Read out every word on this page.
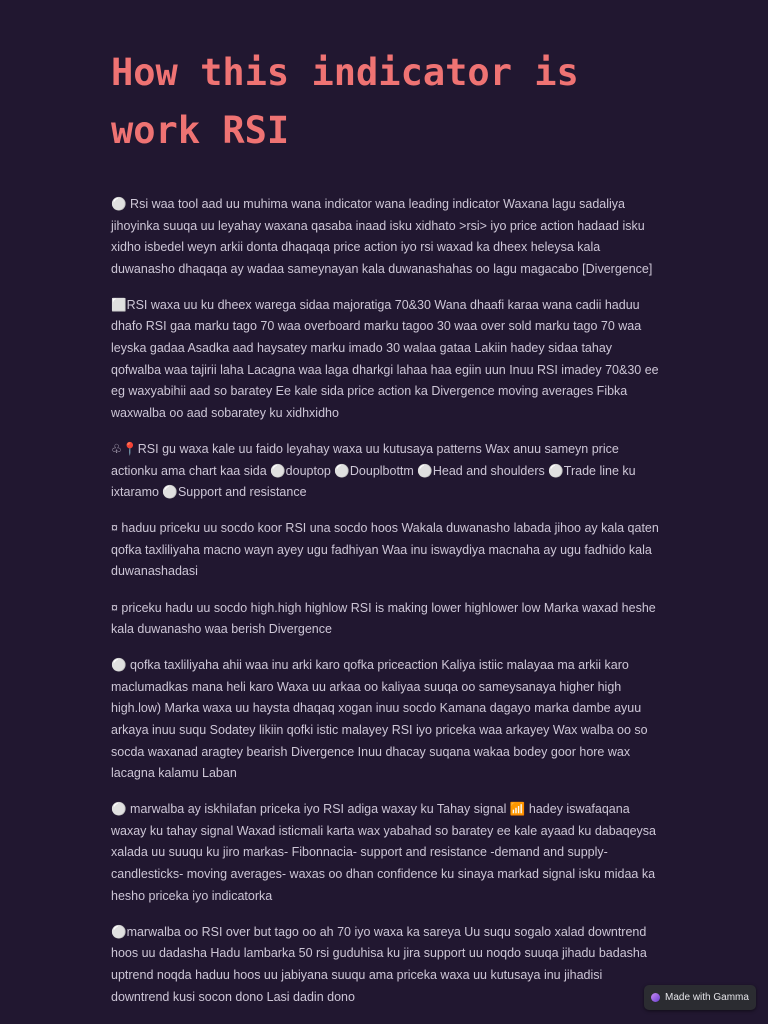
How this indicator is work RSI

⚪ Rsi waa tool aad uu muhima wana indicator wana leading indicator Waxana lagu sadaliya jihoyinka suuqa uu leyahay waxana qasaba inaad isku xidhato >rsi> iyo price action hadaad isku xidho isbedel weyn arkii donta dhaqaqa price action iyo rsi waxad ka dheex heleysa kala duwanasho dhaqaqa ay wadaa sameynayan kala duwanashahas oo lagu magacabo [Divergence]

⬜RSI waxa uu ku dheex warega sidaa majoratiga 70&30 Wana dhaafi karaa wana cadii haduu dhafo RSI gaa marku tago 70 waa overboard marku tagoo 30 waa over sold marku tago 70 waa leyska gadaa Asadka aad haysatey marku imado 30 walaa gataa Lakiin hadey sidaa tahay qofwalba waa tajirii laha Lacagna waa laga dharkgi lahaa haa egiin uun Inuu RSI imadey 70&30 ee eg waxyabihii aad so baratey Ee kale sida price action ka Divergence moving averages Fibka waxwalba oo aad sobaratey ku xidhxidho

♧📍RSI gu waxa kale uu faido leyahay waxa uu kutusaya patterns Wax anuu sameyn price actionku ama chart kaa sida ⚪douptop ⚪Douplbottm ⚪Head and shoulders ⚪Trade line ku ixtaramo ⚪Support and resistance

¤ haduu priceku uu socdo koor RSI una socdo hoos Wakala duwanasho labada jihoo ay kala qaten qofka taxliliyaha macno wayn ayey ugu fadhiyan Waa inu iswaydiya macnaha ay ugu fadhido kala duwanashadasi

¤ priceku hadu uu socdo high.high highlow RSI is making lower highlower low Marka waxad heshe kala duwanasho waa berish Divergence

⚪ qofka taxliliyaha ahii waa inu arki karo qofka priceaction Kaliya istiic malayaa ma arkii karo maclumadkas mana heli karo Waxa uu arkaa oo kaliyaa suuqa oo sameysanaya higher high high.low) Marka waxa uu haysta dhaqaq xogan inuu socdo Kamana dagayo marka dambe ayuu arkaya inuu suqu Sodatey likiin qofki istic malayey RSI iyo priceka waa arkayey Wax walba oo so socda waxanad aragtey bearish Divergence Inuu dhacay suqana wakaa bodey goor hore wax lacagna kalamu Laban

⚪ marwalba ay iskhilafan priceka iyo RSI adiga waxay ku Tahay signal 📶 hadey iswafaqana waxay ku tahay signal Waxad isticmali karta wax yabahad so baratey ee kale ayaad ku dabaqeysa xalada uu suuqu ku jiro markas- Fibonnacia- support and resistance -demand and supply- candlesticks- moving averages- waxas oo dhan confidence ku sinaya markad signal isku midaa ka hesho priceka iyo indicatorka

⚪marwalba oo RSI over but tago oo ah 70 iyo waxa ka sareya Uu suqu sogalo xalad downtrend hoos uu dadasha Hadu lambarka 50 rsi guduhisa ku jira support uu noqdo suuqa jihadu badasha uptrend noqda haduu hoos uu jabiyana suuqu ama priceka waxa uu kutusaya inu jihadisi downtrend kusi socon dono Lasi dadin dono	Made with Gamma
